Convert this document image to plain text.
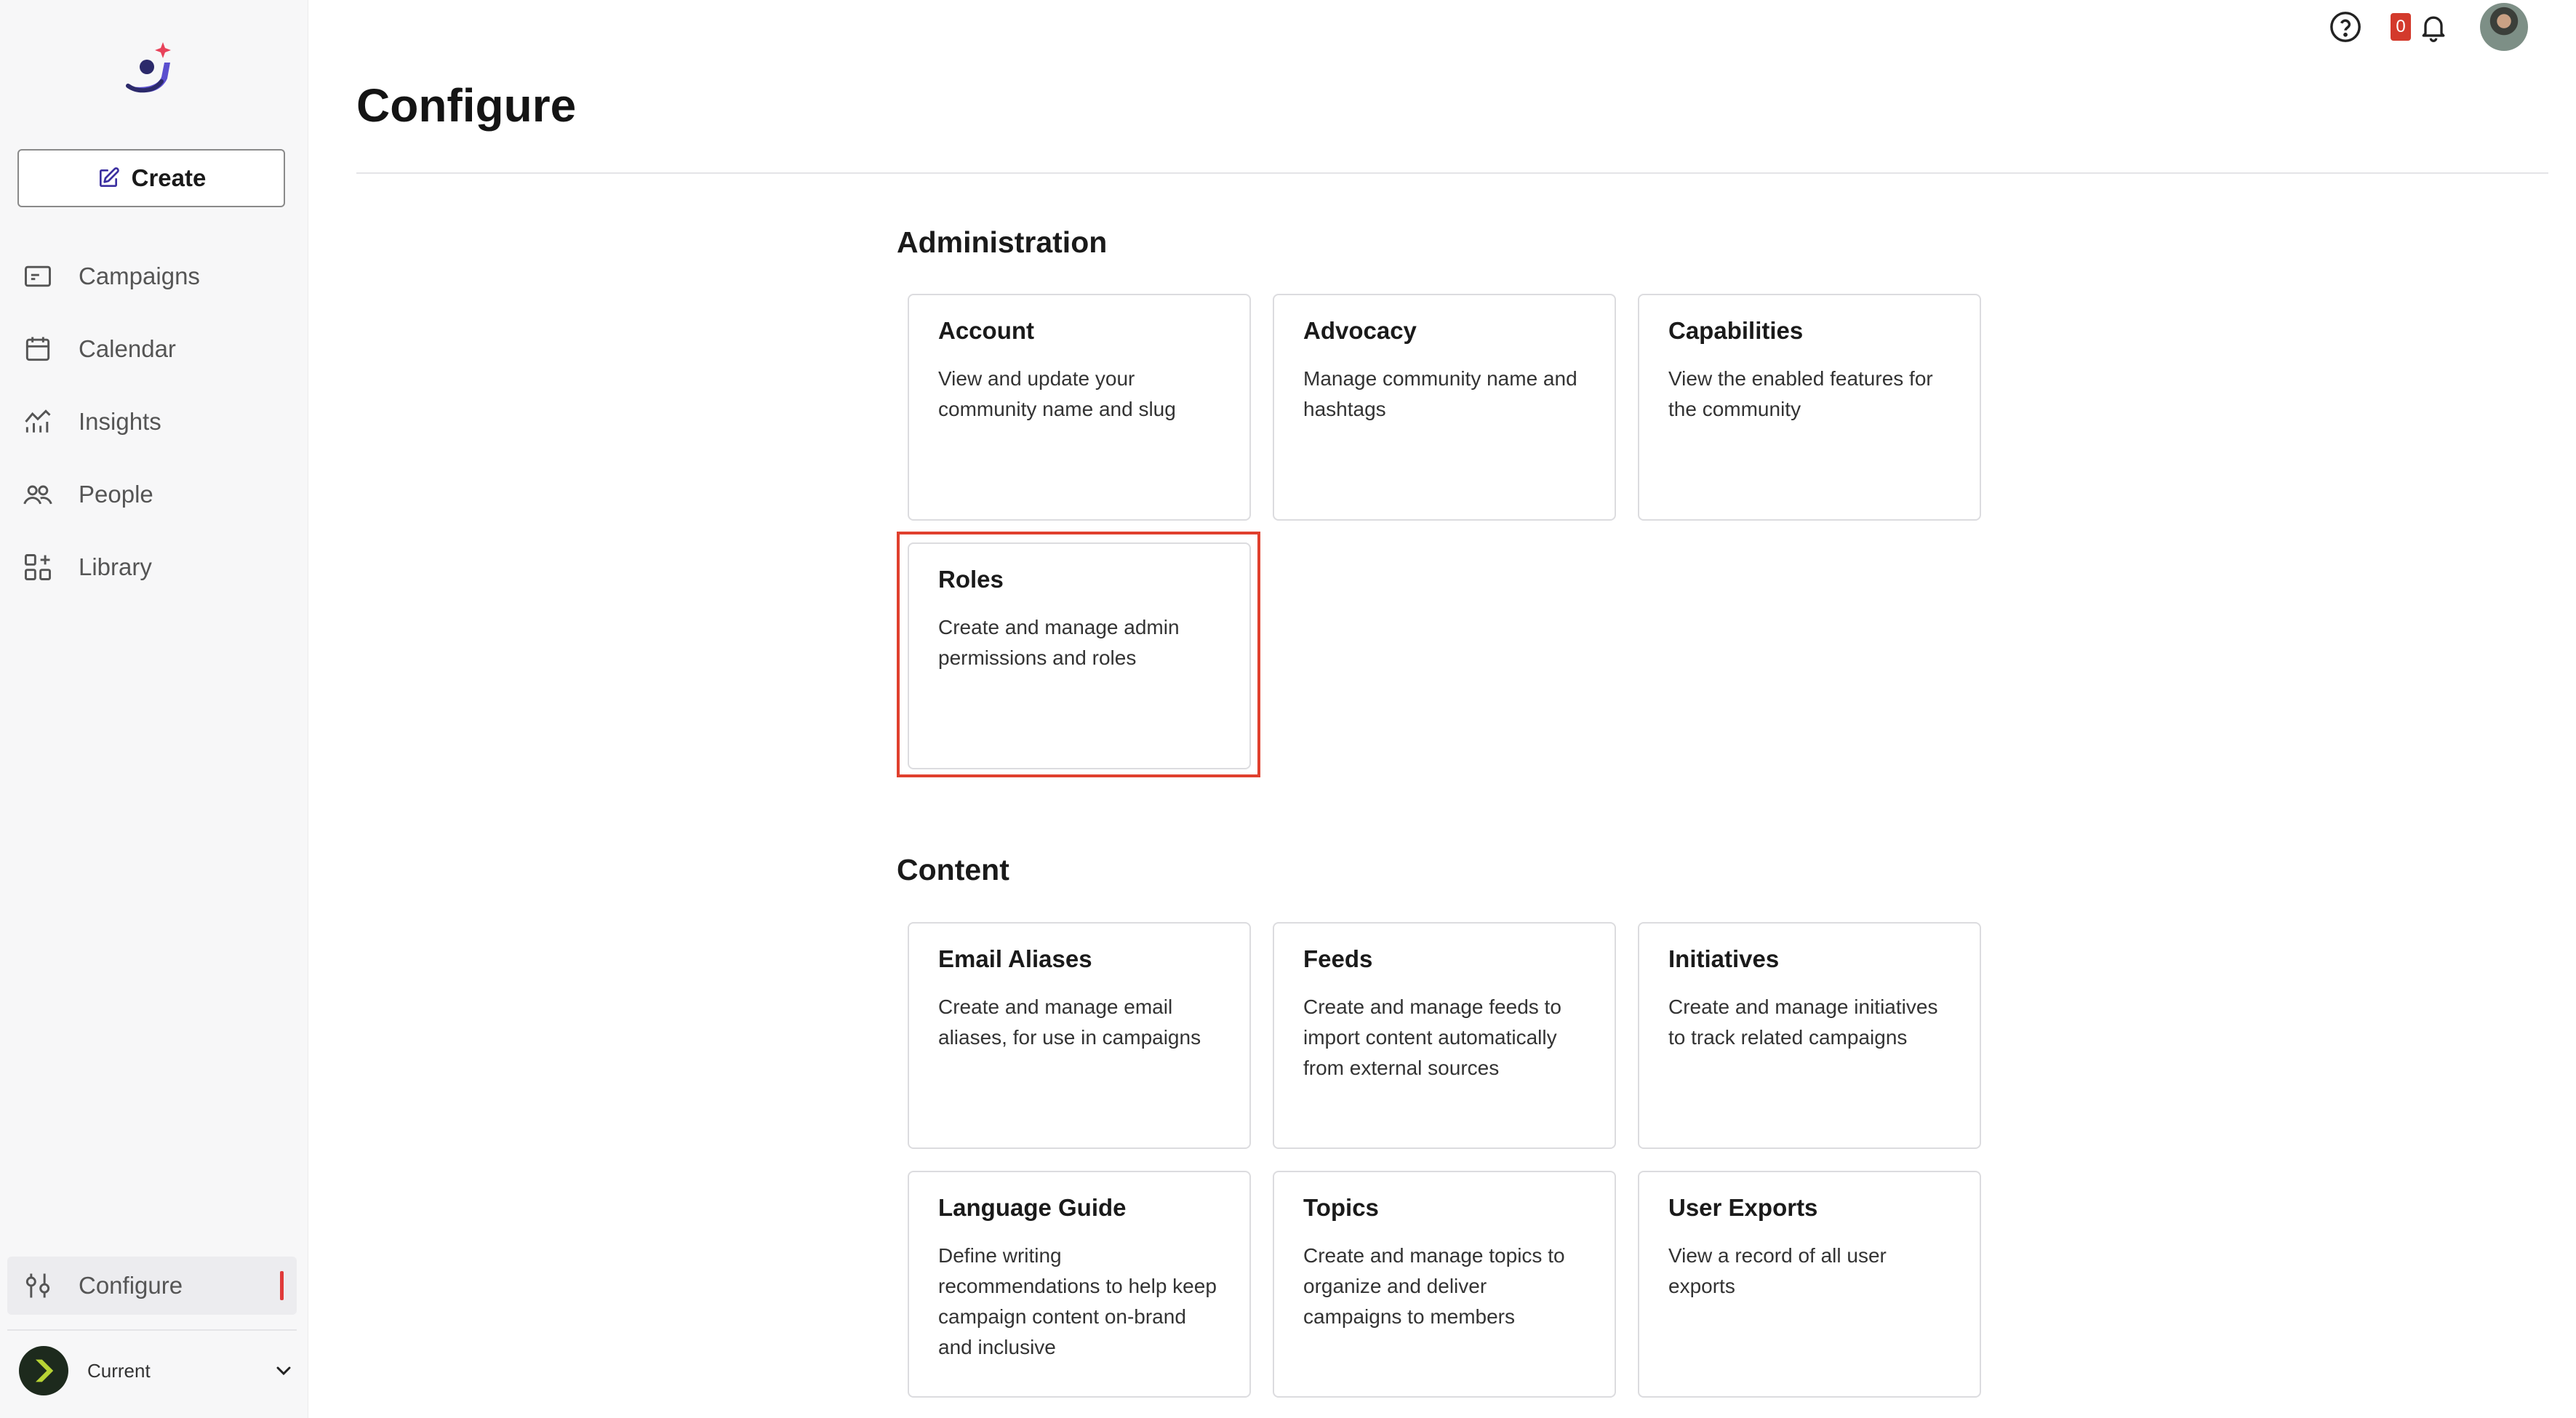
Create
Campaigns
Calendar
Insights
People
Library
Configure
Current
0
Configure
Administration
Account
View and update your community name and slug
Advocacy
Manage community name and hashtags
Capabilities
View the enabled features for the community
Roles
Create and manage admin permissions and roles
Content
Email Aliases
Create and manage email aliases, for use in campaigns
Feeds
Create and manage feeds to import content automatically from external sources
Initiatives
Create and manage initiatives to track related campaigns
Language Guide
Define writing recommendations to help keep campaign content on-brand and inclusive
Topics
Create and manage topics to organize and deliver campaigns to members
User Exports
View a record of all user exports
